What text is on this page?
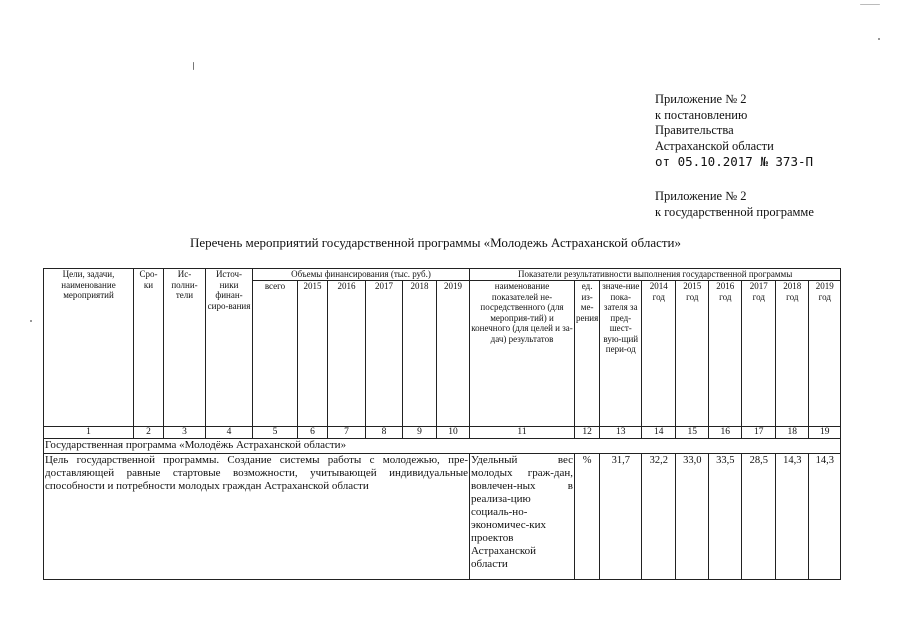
Приложение № 2
к постановлению
Правительства
Астраханской области
от 05.10.2017 № 373-П
Приложение № 2
к государственной программе
Перечень мероприятий государственной программы «Молодежь Астраханской области»
Цели, задачи, наименование мероприятий	Сро-ки	Ис-полни-тели	Источ-ники финан-сиро-вания	Объемы финансирования (тыс. руб.)						Показатели результативности выполнения государственной программы								
				всего	2015	2016	2017	2018	2019	наименование показателей не-посредственного (для мероприя-тий) и конечного (для целей и за-дач) результатов	ед. из-ме-рения	значе-ние пока-зателя за пред-шест-вую-щий пери-од	2014 год	2015 год	2016 год	2017 год	2018 год	2019 год
1	2	3	4	5	6	7	8	9	10	11	12	13	14	15	16	17	18	19
Государственная программа «Молодёжь Астраханской области»																		
Цель государственной программы. Создание системы работы с молодежью, пре-доставляющей равные стартовые возможности, учитывающей индивидуальные способности и потребности молодых граждан Астраханской области										Удельный вес молодых граж-дан, вовлечен-ных в реализа-цию социаль-но-экономичес-ких проектов Астраханской области	%	31,7	32,2	33,0	33,5	28,5	14,3	14,3
